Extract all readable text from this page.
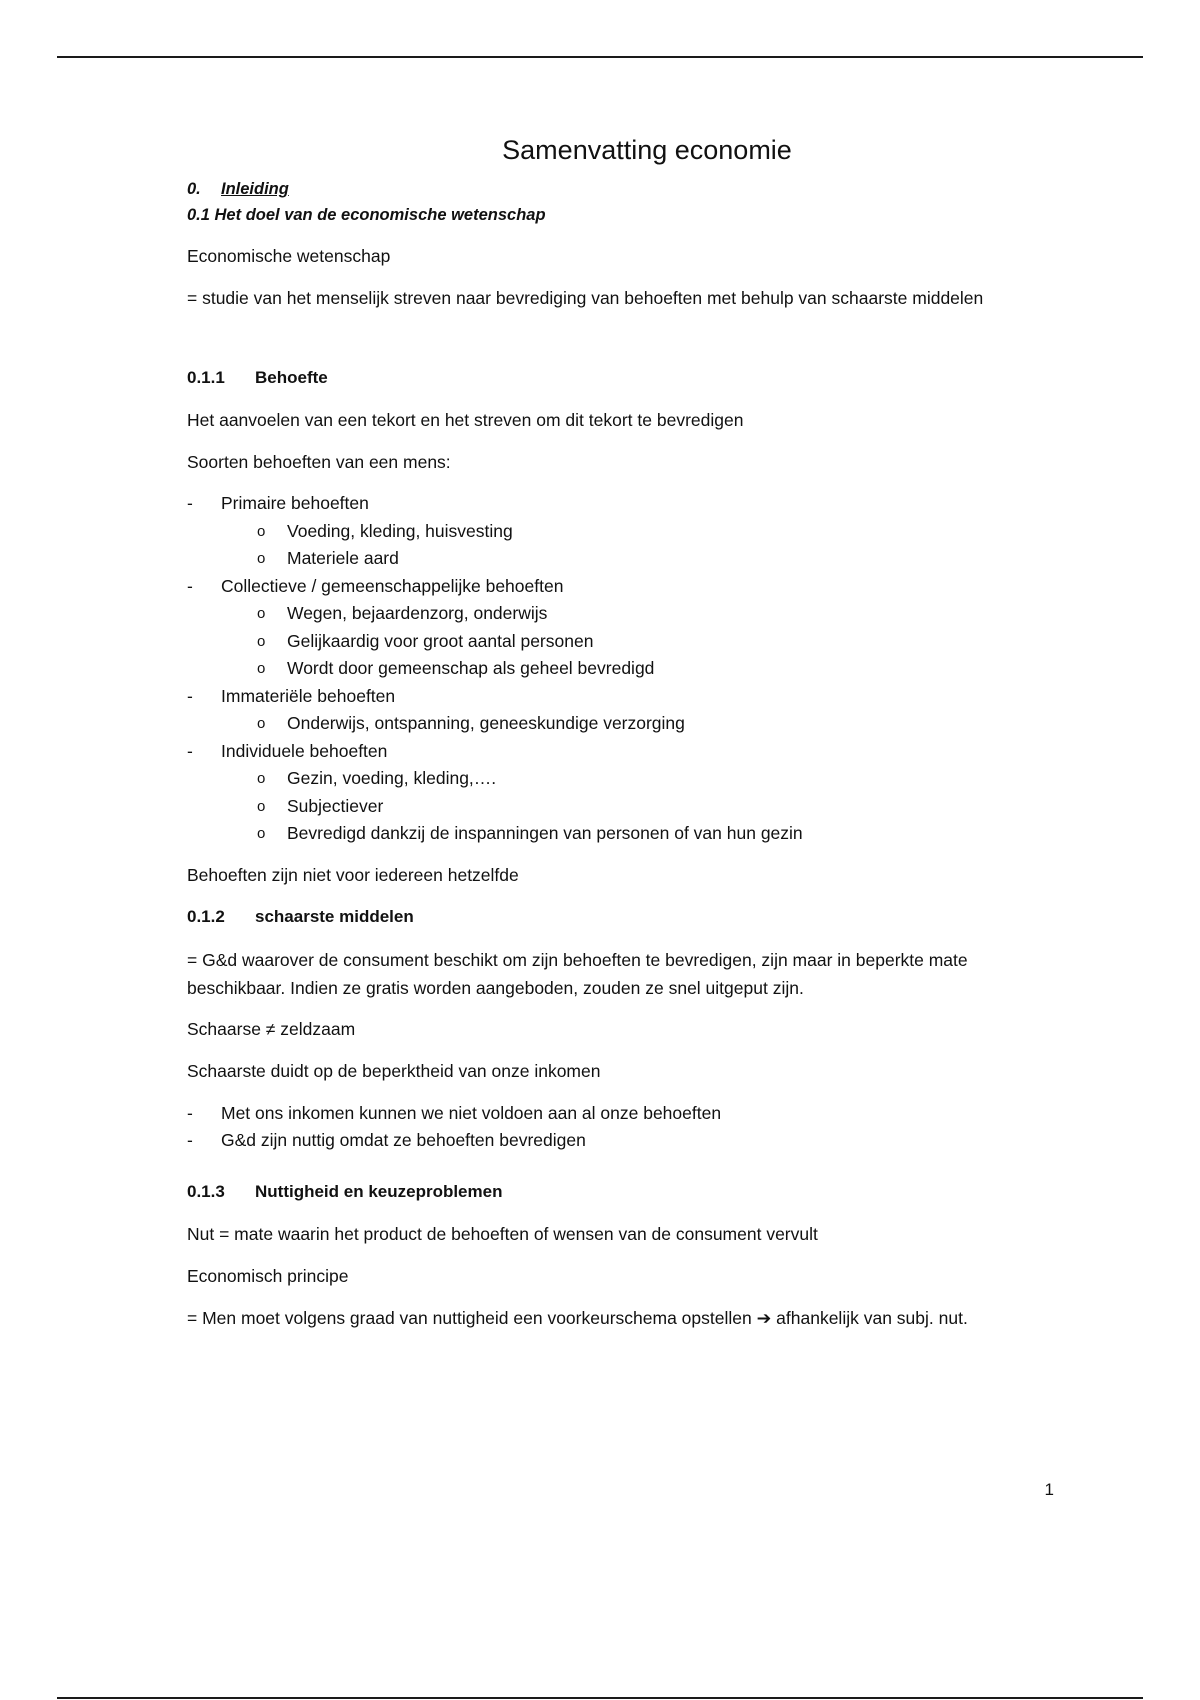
Samenvatting economie
0. Inleiding
0.1 Het doel van de economische wetenschap

Economische wetenschap

= studie van het menselijk streven naar bevrediging van behoeften met behulp van schaarste middelen

0.1.1 Behoefte

Het aanvoelen van een tekort en het streven om dit tekort te bevredigen

Soorten behoeften van een mens:

- Primaire behoeften
o Voeding, kleding, huisvesting
o Materiele aard
- Collectieve / gemeenschappelijke behoeften
o Wegen, bejaardenzorg, onderwijs
o Gelijkaardig voor groot aantal personen
o Wordt door gemeenschap als geheel bevredigd
- Immateriële behoeften
o Onderwijs, ontspanning, geneeskundige verzorging
- Individuele behoeften
o Gezin, voeding, kleding,….
o Subjectiever
o Bevredigd dankzij de inspanningen van personen of van hun gezin

Behoeften zijn niet voor iedereen hetzelfde

0.1.2 schaarste middelen

= G&d waarover de consument beschikt om zijn behoeften te bevredigen, zijn maar in beperkte mate beschikbaar. Indien ze gratis worden aangeboden, zouden ze snel uitgeput zijn.

Schaarse ≠ zeldzaam

Schaarste duidt op de beperktheid van onze inkomen

- Met ons inkomen kunnen we niet voldoen aan al onze behoeften
- G&d zijn nuttig omdat ze behoeften bevredigen
0.1.3 Nuttigheid en keuzeproblemen

Nut = mate waarin het product de behoeften of wensen van de consument vervult

Economisch principe

= Men moet volgens graad van nuttigheid een voorkeurschema opstellen ➔ afhankelijk van subj. nut.

1
